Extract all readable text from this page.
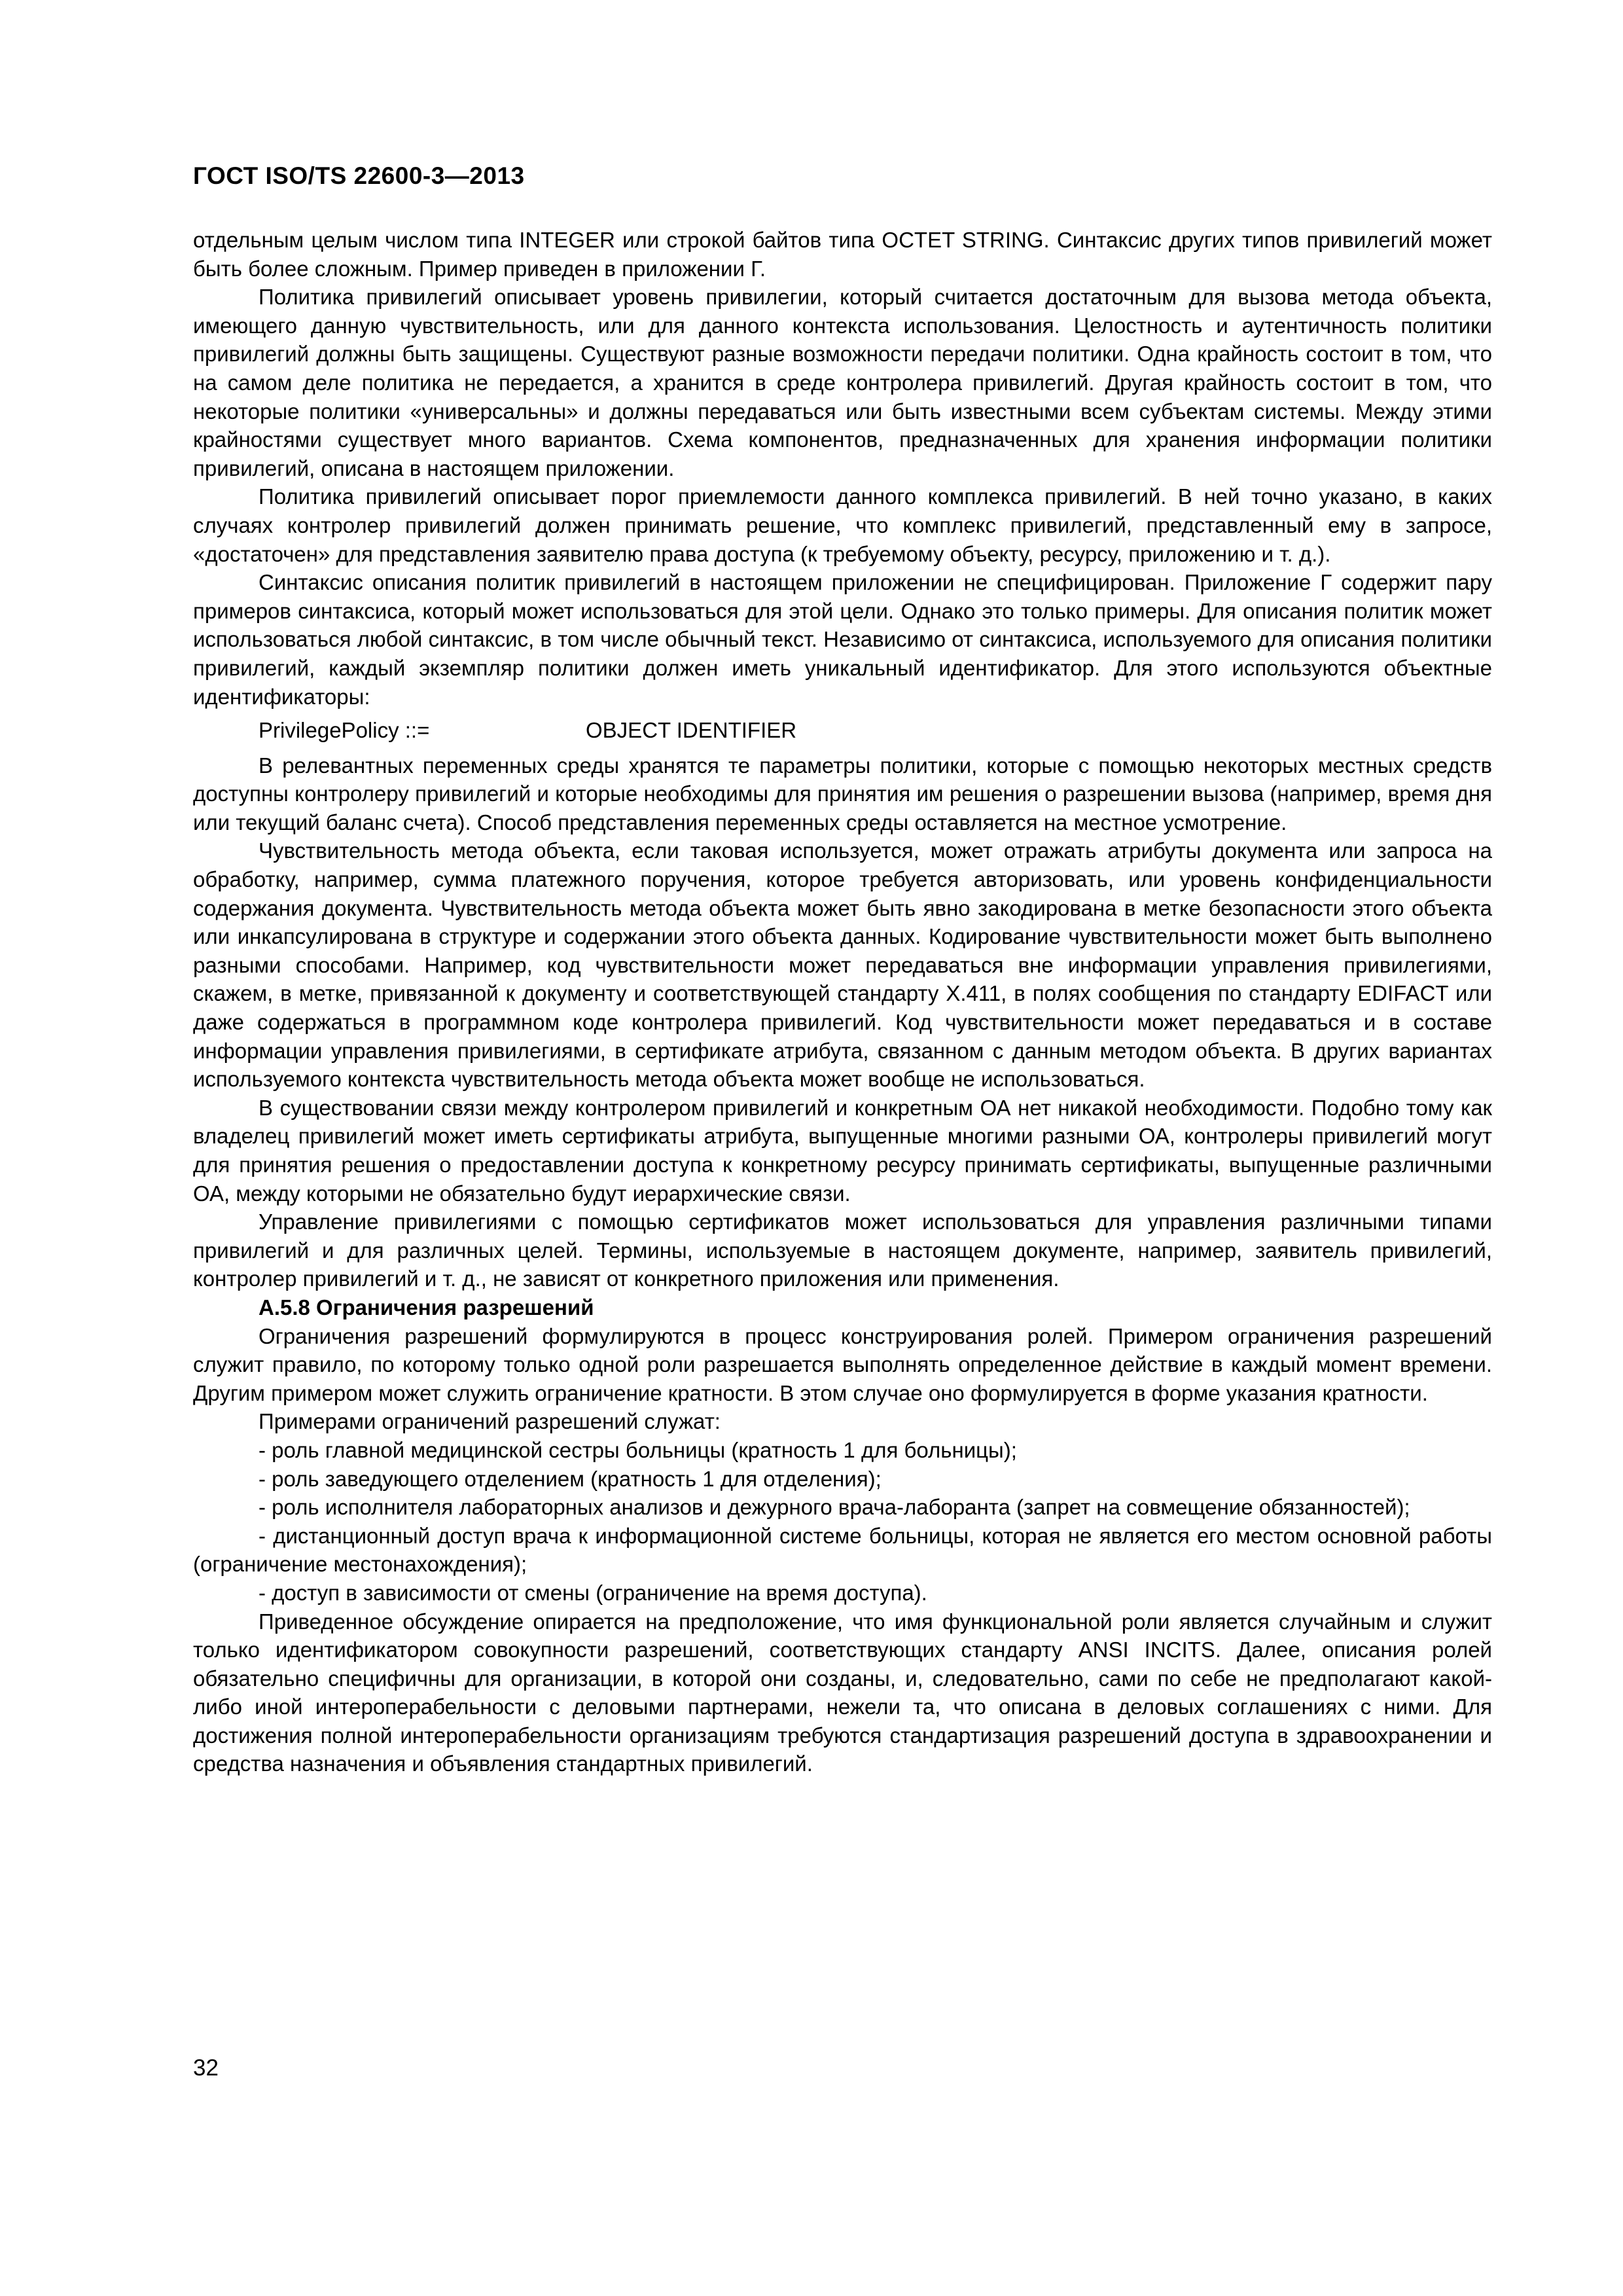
ГОСТ ISO/TS 22600-3—2013

отдельным целым числом типа INTEGER или строкой байтов типа OCTET STRING. Синтаксис других типов привилегий может быть более сложным. Пример приведен в приложении Г.

Политика привилегий описывает уровень привилегии, который считается достаточным для вызова метода объекта, имеющего данную чувствительность, или для данного контекста использования. Целостность и аутентичность политики привилегий должны быть защищены. Существуют разные возможности передачи политики. Одна крайность состоит в том, что на самом деле политика не передается, а хранится в среде контролера привилегий. Другая крайность состоит в том, что некоторые политики «универсальны» и должны передаваться или быть известными всем субъектам системы. Между этими крайностями существует много вариантов. Схема компонентов, предназначенных для хранения информации политики привилегий, описана в настоящем приложении.

Политика привилегий описывает порог приемлемости данного комплекса привилегий. В ней точно указано, в каких случаях контролер привилегий должен принимать решение, что комплекс привилегий, представленный ему в запросе, «достаточен» для представления заявителю права доступа (к требуемому объекту, ресурсу, приложению и т. д.).

Синтаксис описания политик привилегий в настоящем приложении не специфицирован. Приложение Г содержит пару примеров синтаксиса, который может использоваться для этой цели. Однако это только примеры. Для описания политик может использоваться любой синтаксис, в том числе обычный текст. Независимо от синтаксиса, используемого для описания политики привилегий, каждый экземпляр политики должен иметь уникальный идентификатор. Для этого используются объектные идентификаторы:

PrivilegePolicy ::=	OBJECT IDENTIFIER

В релевантных переменных среды хранятся те параметры политики, которые с помощью некоторых местных средств доступны контролеру привилегий и которые необходимы для принятия им решения о разрешении вызова (например, время дня или текущий баланс счета). Способ представления переменных среды оставляется на местное усмотрение.

Чувствительность метода объекта, если таковая используется, может отражать атрибуты документа или запроса на обработку, например, сумма платежного поручения, которое требуется авторизовать, или уровень конфиденциальности содержания документа. Чувствительность метода объекта может быть явно закодирована в метке безопасности этого объекта или инкапсулирована в структуре и содержании этого объекта данных. Кодирование чувствительности может быть выполнено разными способами. Например, код чувствительности может передаваться вне информации управления привилегиями, скажем, в метке, привязанной к документу и соответствующей стандарту X.411, в полях сообщения по стандарту EDIFACT или даже содержаться в программном коде контролера привилегий. Код чувствительности может передаваться и в составе информации управления привилегиями, в сертификате атрибута, связанном с данным методом объекта. В других вариантах используемого контекста чувствительность метода объекта может вообще не использоваться.

В существовании связи между контролером привилегий и конкретным ОА нет никакой необходимости. Подобно тому как владелец привилегий может иметь сертификаты атрибута, выпущенные многими разными ОА, контролеры привилегий могут для принятия решения о предоставлении доступа к конкретному ресурсу принимать сертификаты, выпущенные различными ОА, между которыми не обязательно будут иерархические связи.

Управление привилегиями с помощью сертификатов может использоваться для управления различными типами привилегий и для различных целей. Термины, используемые в настоящем документе, например, заявитель привилегий, контролер привилегий и т. д., не зависят от конкретного приложения или применения.

А.5.8 Ограничения разрешений

Ограничения разрешений формулируются в процесс конструирования ролей. Примером ограничения разрешений служит правило, по которому только одной роли разрешается выполнять определенное действие в каждый момент времени. Другим примером может служить ограничение кратности. В этом случае оно формулируется в форме указания кратности.

Примерами ограничений разрешений служат:

- роль главной медицинской сестры больницы (кратность 1 для больницы);

- роль заведующего отделением (кратность 1 для отделения);

- роль исполнителя лабораторных анализов и дежурного врача-лаборанта (запрет на совмещение обязанностей);

- дистанционный доступ врача к информационной системе больницы, которая не является его местом основной работы (ограничение местонахождения);

- доступ в зависимости от смены (ограничение на время доступа).

Приведенное обсуждение опирается на предположение, что имя функциональной роли является случайным и служит только идентификатором совокупности разрешений, соответствующих стандарту ANSI INCITS. Далее, описания ролей обязательно специфичны для организации, в которой они созданы, и, следовательно, сами по себе не предполагают какой-либо иной интероперабельности с деловыми партнерами, нежели та, что описана в деловых соглашениях с ними. Для достижения полной интероперабельности организациям требуются стандартизация разрешений доступа в здравоохранении и средства назначения и объявления стандартных привилегий.

32
